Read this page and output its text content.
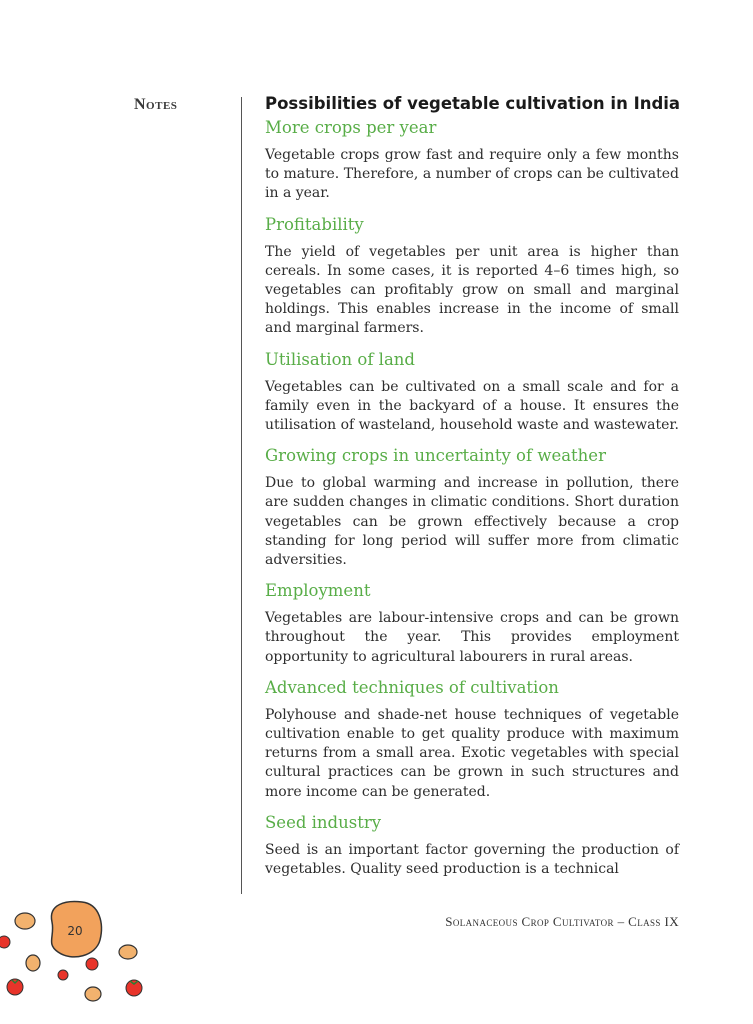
Notes	Possibilities of vegetable cultivation in India
More crops per year

Vegetable crops grow fast and require only a few months to mature. Therefore, a number of crops can be cultivated in a year.

Profitability

The yield of vegetables per unit area is higher than cereals. In some cases, it is reported 4–6 times high, so vegetables can profitably grow on small and marginal holdings. This enables increase in the income of small and marginal farmers.

Utilisation of land

Vegetables can be cultivated on a small scale and for a family even in the backyard of a house. It ensures the utilisation of wasteland, household waste and wastewater.

Growing crops in uncertainty of weather

Due to global warming and increase in pollution, there are sudden changes in climatic conditions. Short duration vegetables can be grown effectively because a crop standing for long period will suffer more from climatic adversities.

Employment

Vegetables are labour-intensive crops and can be grown throughout the year. This provides employment opportunity to agricultural labourers in rural areas.

Advanced techniques of cultivation

Polyhouse and shade-net house techniques of vegetable cultivation enable to get quality produce with maximum returns from a small area. Exotic vegetables with special cultural practices can be grown in such structures and more income can be generated.

Seed industry

Seed is an important factor governing the production of vegetables. Quality seed production is a technical

Solanaceous Crop Cultivator – Class IX
20
